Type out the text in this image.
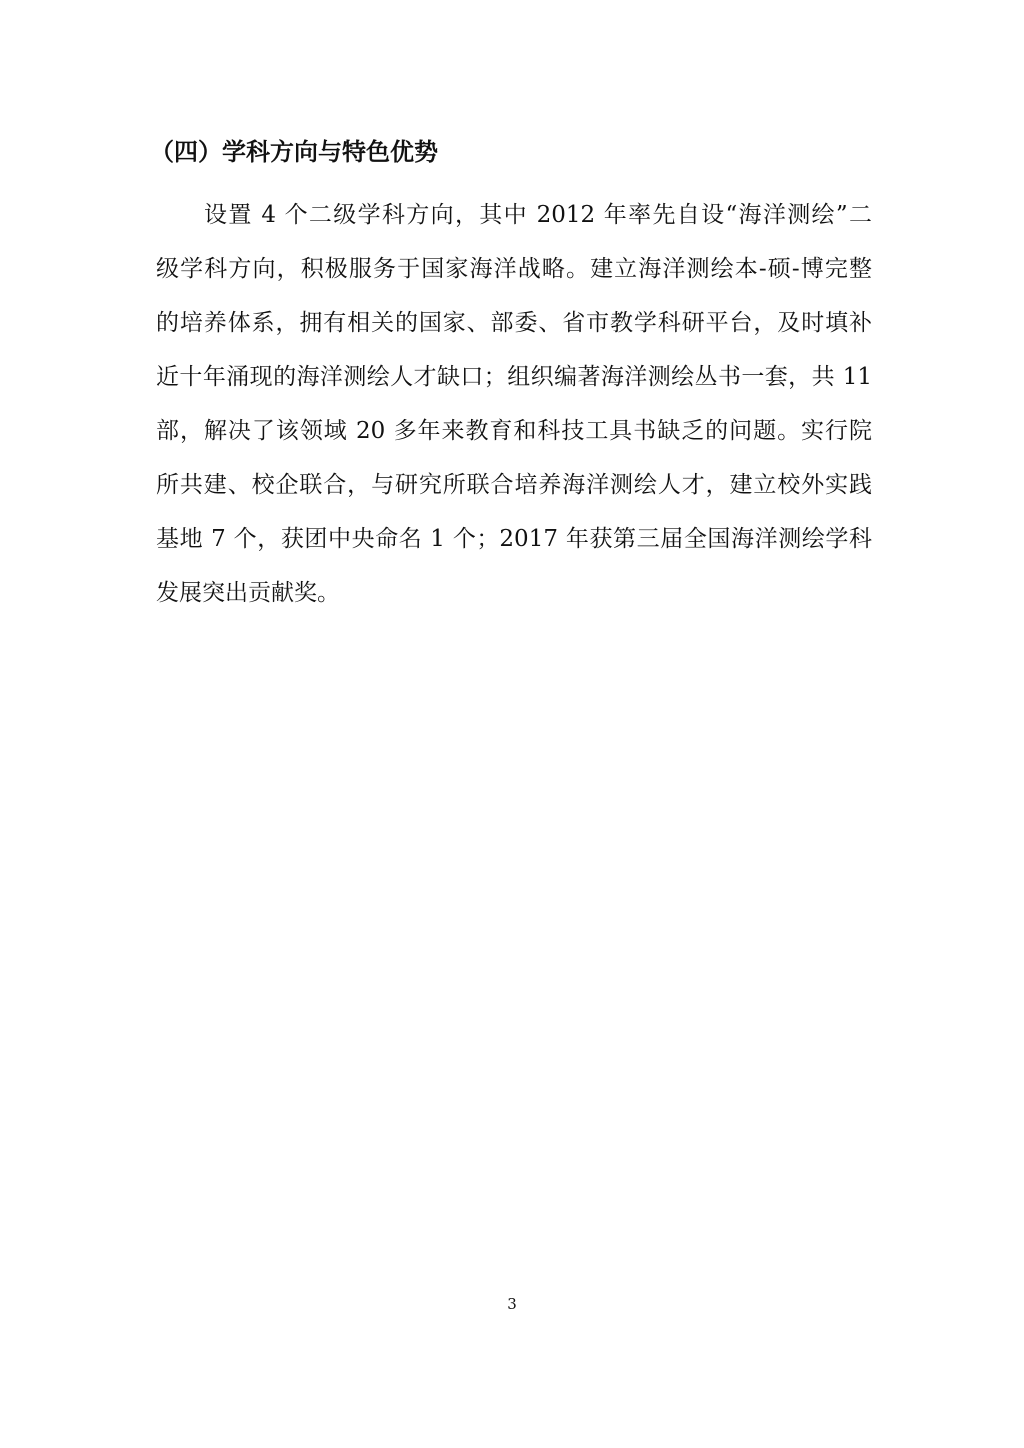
（四）学科方向与特色优势
设置 4 个二级学科方向，其中 2012 年率先自设“海洋测绘”二
级学科方向，积极服务于国家海洋战略。建立海洋测绘本-硕-博完整
的培养体系，拥有相关的国家、部委、省市教学科研平台，及时填补
近十年涌现的海洋测绘人才缺口；组织编著海洋测绘丛书一套，共 11
部，解决了该领域 20 多年来教育和科技工具书缺乏的问题。实行院
所共建、校企联合，与研究所联合培养海洋测绘人才，建立校外实践
基地 7 个，获团中央命名 1 个；2017 年获第三届全国海洋测绘学科
发展突出贡献奖。
3
